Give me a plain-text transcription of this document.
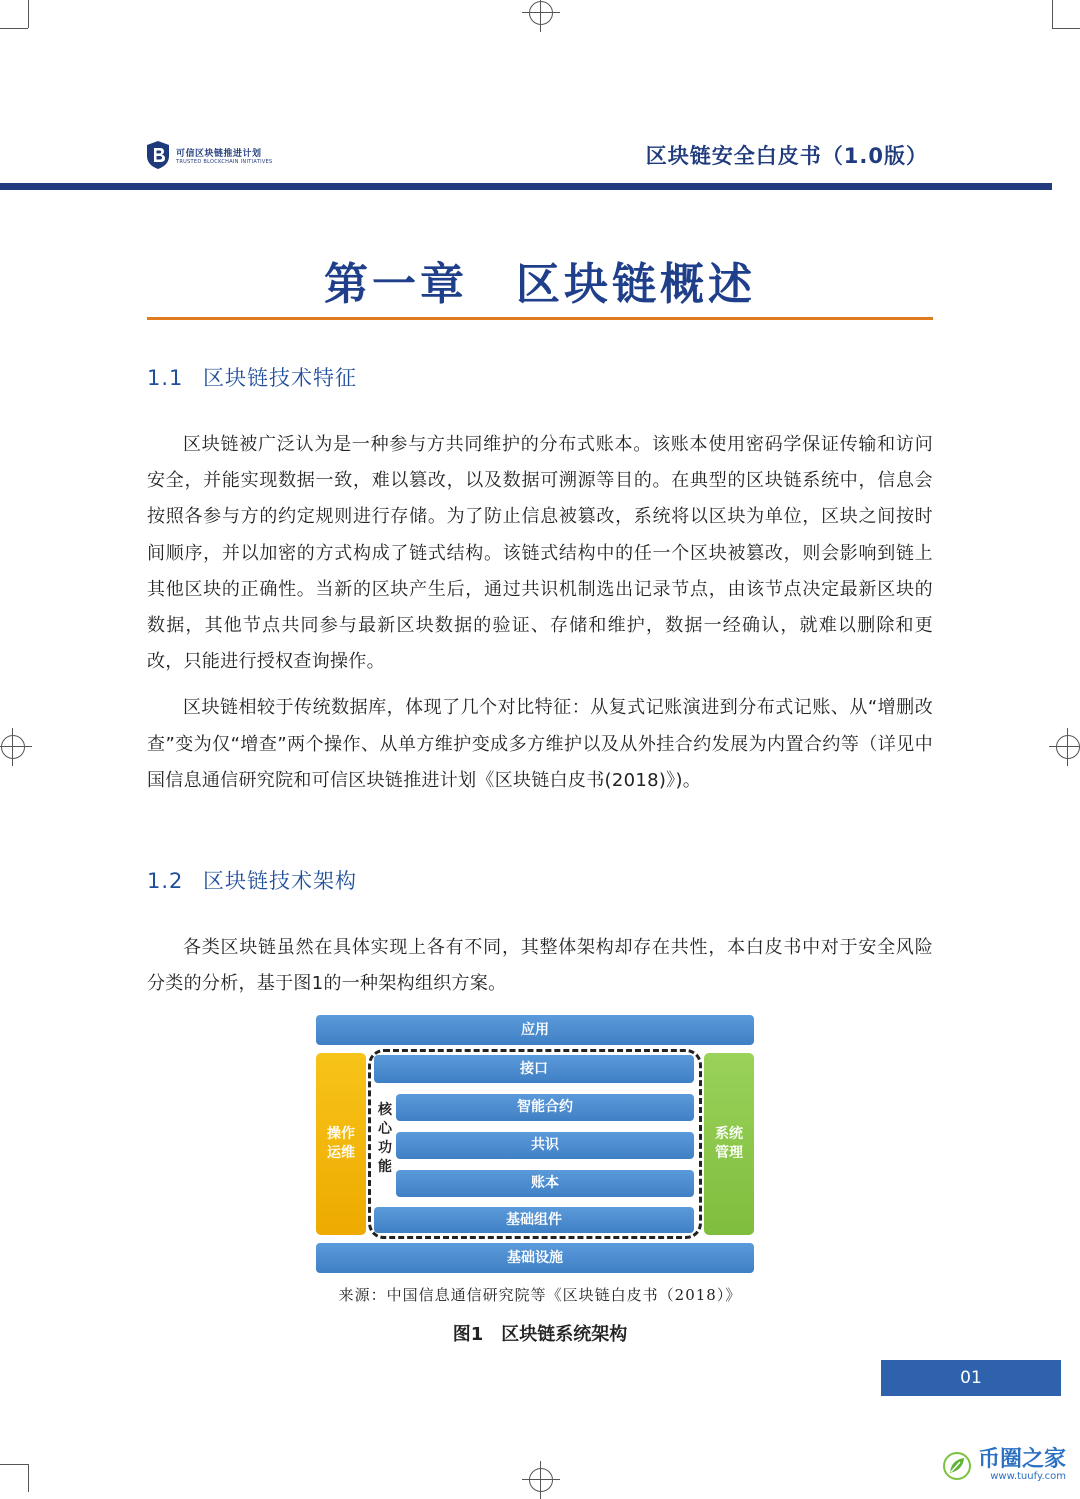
可信区块链推进计划
TRUSTED BLOCKCHAIN INITIATIVES	区块链安全白皮书（1.0版）
第一章　区块链概述
1.1 区块链技术特征

区块链被广泛认为是一种参与方共同维护的分布式账本。该账本使用密码学保证传输和访问安全，并能实现数据一致，难以篡改，以及数据可溯源等目的。在典型的区块链系统中，信息会按照各参与方的约定规则进行存储。为了防止信息被篡改，系统将以区块为单位，区块之间按时间顺序，并以加密的方式构成了链式结构。该链式结构中的任一个区块被篡改，则会影响到链上其他区块的正确性。当新的区块产生后，通过共识机制选出记录节点，由该节点决定最新区块的数据，其他节点共同参与最新区块数据的验证、存储和维护，数据一经确认，就难以删除和更改，只能进行授权查询操作。

区块链相较于传统数据库，体现了几个对比特征：从复式记账演进到分布式记账、从“增删改查”变为仅“增查”两个操作、从单方维护变成多方维护以及从外挂合约发展为内置合约等（详见中国信息通信研究院和可信区块链推进计划《区块链白皮书(2018)》)。

1.2 区块链技术架构

各类区块链虽然在具体实现上各有不同，其整体架构却存在共性，本白皮书中对于安全风险分类的分析，基于图1的一种架构组织方案。

应用
操作运维
系统管理
核心功能
接口
智能合约
共识
账本
基础组件
基础设施
来源：中国信息通信研究院等《区块链白皮书（2018）》
图1　区块链系统架构
01
币圈之家
www.tuufy.com
